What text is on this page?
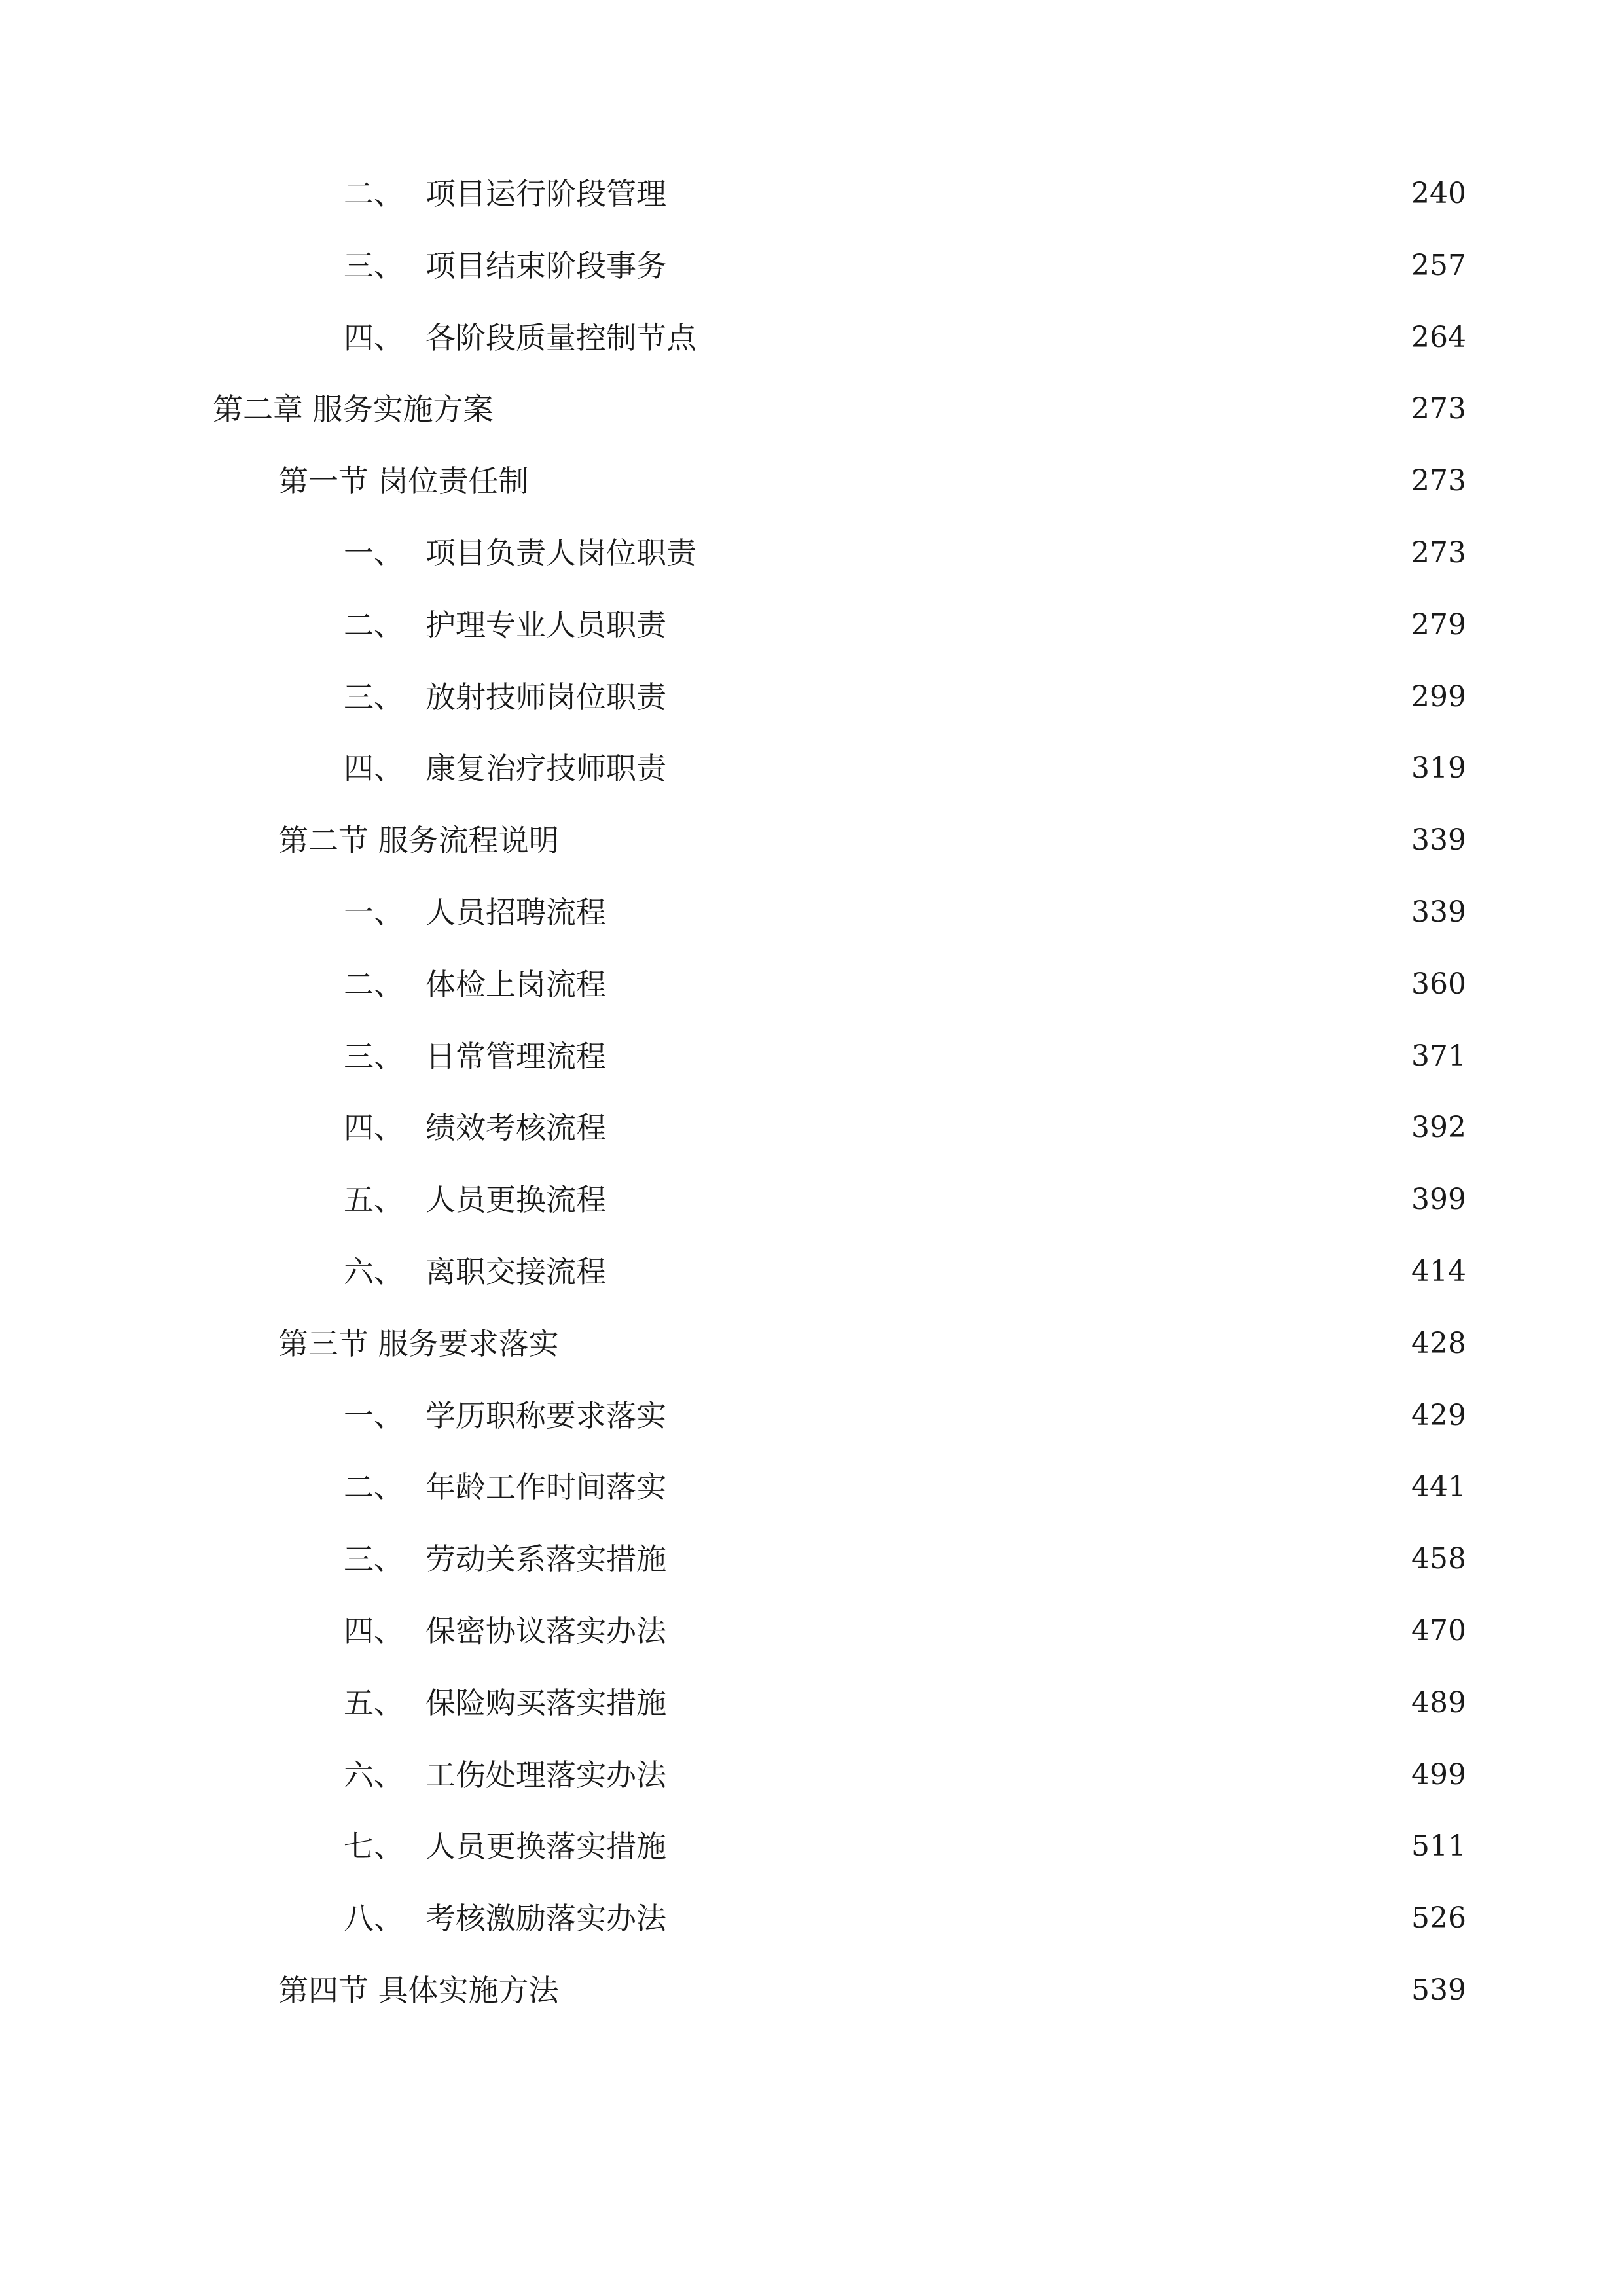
二、 项目运行阶段管理	240
三、 项目结束阶段事务	257
四、 各阶段质量控制节点	264
第二章 服务实施方案	273
第一节 岗位责任制	273
一、 项目负责人岗位职责	273
二、 护理专业人员职责	279
三、 放射技师岗位职责	299
四、 康复治疗技师职责	319
第二节 服务流程说明	339
一、 人员招聘流程	339
二、 体检上岗流程	360
三、 日常管理流程	371
四、 绩效考核流程	392
五、 人员更换流程	399
六、 离职交接流程	414
第三节 服务要求落实	428
一、 学历职称要求落实	429
二、 年龄工作时间落实	441
三、 劳动关系落实措施	458
四、 保密协议落实办法	470
五、 保险购买落实措施	489
六、 工伤处理落实办法	499
七、 人员更换落实措施	511
八、 考核激励落实办法	526
第四节 具体实施方法	539
